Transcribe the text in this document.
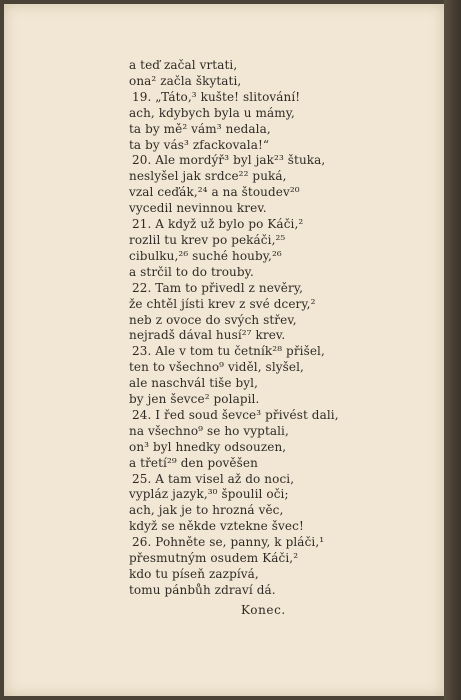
a teď začal vrtati,
ona² začla škytati,
19. „Táto,³ kušte! slitování!
ach, kdybych byla u mámy,
ta by mě² vám³ nedala,
ta by vás³ zfackovala!“
20. Ale mordýř³ byl jak²³ štuka,
neslyšel jak srdce²² puká,
vzal ceďák,²⁴ a na štoudev²⁰
vycedil nevinnou krev.
21. A když už bylo po Káči,²
rozlil tu krev po pekáči,²⁵
cibulku,²⁶ suché houby,²⁶
a strčil to do trouby.
22. Tam to přivedl z nevěry,
že chtěl jísti krev z své dcery,²
neb z ovoce do svých střev,
nejradš dával husí²⁷ krev.
23. Ale v tom tu četník²⁸ přišel,
ten to všechno⁹ viděl, slyšel,
ale naschvál tiše byl,
by jen ševce² polapil.
24. I řed soud ševce³ přivést dali,
na všechno⁹ se ho vyptali,
on³ byl hnedky odsouzen,
a třetí²⁹ den pověšen
25. A tam visel až do noci,
vypláz jazyk,³⁰ špoulil oči;
ach, jak je to hrozná věc,
když se někde vztekne švec!
26. Pohněte se, panny, k pláči,¹
přesmutným osudem Káči,²
kdo tu píseň zazpívá,
tomu pánbůh zdraví dá.
Konec.
